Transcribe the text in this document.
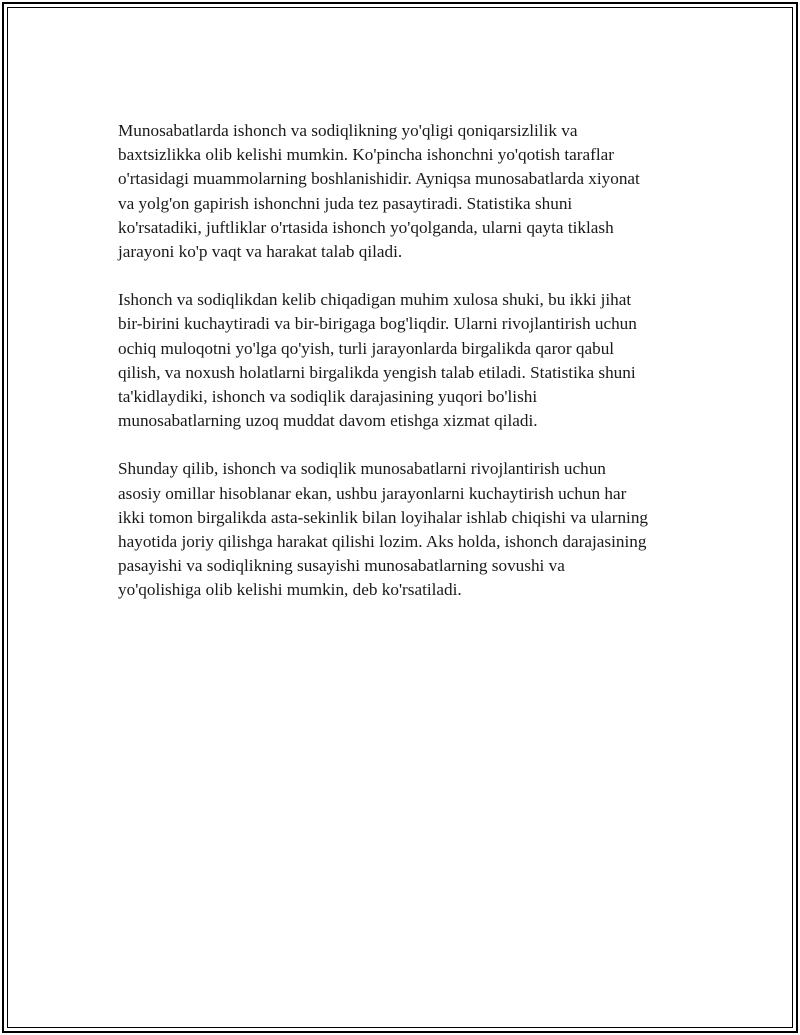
Munosabatlarda ishonch va sodiqlikning yo'qligi qoniqarsizlilik va
baxtsizlikka olib kelishi mumkin. Ko'pincha ishonchni yo'qotish taraflar
o'rtasidagi muammolarning boshlanishidir. Ayniqsa munosabatlarda xiyonat
va yolg'on gapirish ishonchni juda tez pasaytiradi. Statistika shuni
ko'rsatadiki, juftliklar o'rtasida ishonch yo'qolganda, ularni qayta tiklash
jarayoni ko'p vaqt va harakat talab qiladi.

Ishonch va sodiqlikdan kelib chiqadigan muhim xulosa shuki, bu ikki jihat
bir-birini kuchaytiradi va bir-birigaga bog'liqdir. Ularni rivojlantirish uchun
ochiq muloqotni yo'lga qo'yish, turli jarayonlarda birgalikda qaror qabul
qilish, va noxush holatlarni birgalikda yengish talab etiladi. Statistika shuni
ta'kidlaydiki, ishonch va sodiqlik darajasining yuqori bo'lishi
munosabatlarning uzoq muddat davom etishga xizmat qiladi.

Shunday qilib, ishonch va sodiqlik munosabatlarni rivojlantirish uchun
asosiy omillar hisoblanar ekan, ushbu jarayonlarni kuchaytirish uchun har
ikki tomon birgalikda asta-sekinlik bilan loyihalar ishlab chiqishi va ularning
hayotida joriy qilishga harakat qilishi lozim. Aks holda, ishonch darajasining
pasayishi va sodiqlikning susayishi munosabatlarning sovushi va
yo'qolishiga olib kelishi mumkin, deb ko'rsatiladi.
